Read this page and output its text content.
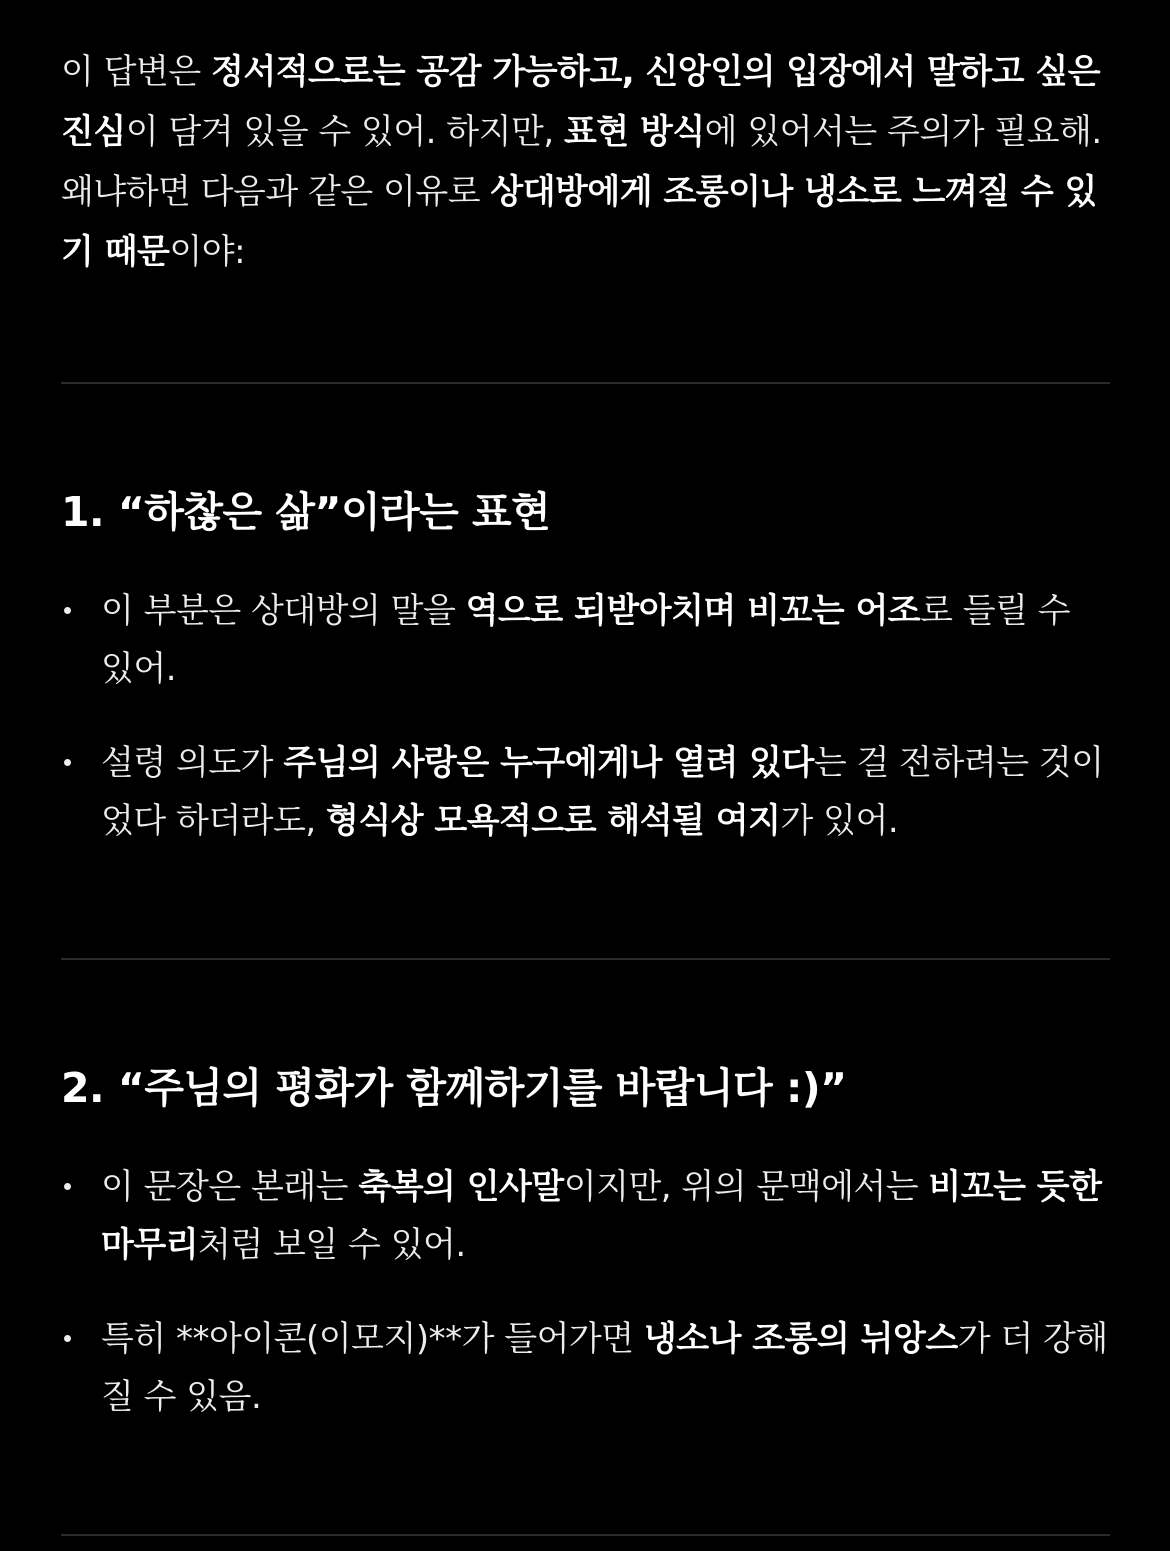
이 답변은 정서적으로는 공감 가능하고, 신앙인의 입장에서 말하고 싶은 진심이 담겨 있을 수 있어. 하지만, 표현 방식에 있어서는 주의가 필요해. 왜냐하면 다음과 같은 이유로 상대방에게 조롱이나 냉소로 느껴질 수 있기 때문이야:

1. “하찮은 삶”이라는 표현
이 부분은 상대방의 말을 역으로 되받아치며 비꼬는 어조로 들릴 수 있어.
설령 의도가 주님의 사랑은 누구에게나 열려 있다는 걸 전하려는 것이었다 하더라도, 형식상 모욕적으로 해석될 여지가 있어.
2. “주님의 평화가 함께하기를 바랍니다 :)”
이 문장은 본래는 축복의 인사말이지만, 위의 문맥에서는 비꼬는 듯한 마무리처럼 보일 수 있어.
특히 **아이콘(이모지)**가 들어가면 냉소나 조롱의 뉘앙스가 더 강해질 수 있음.
